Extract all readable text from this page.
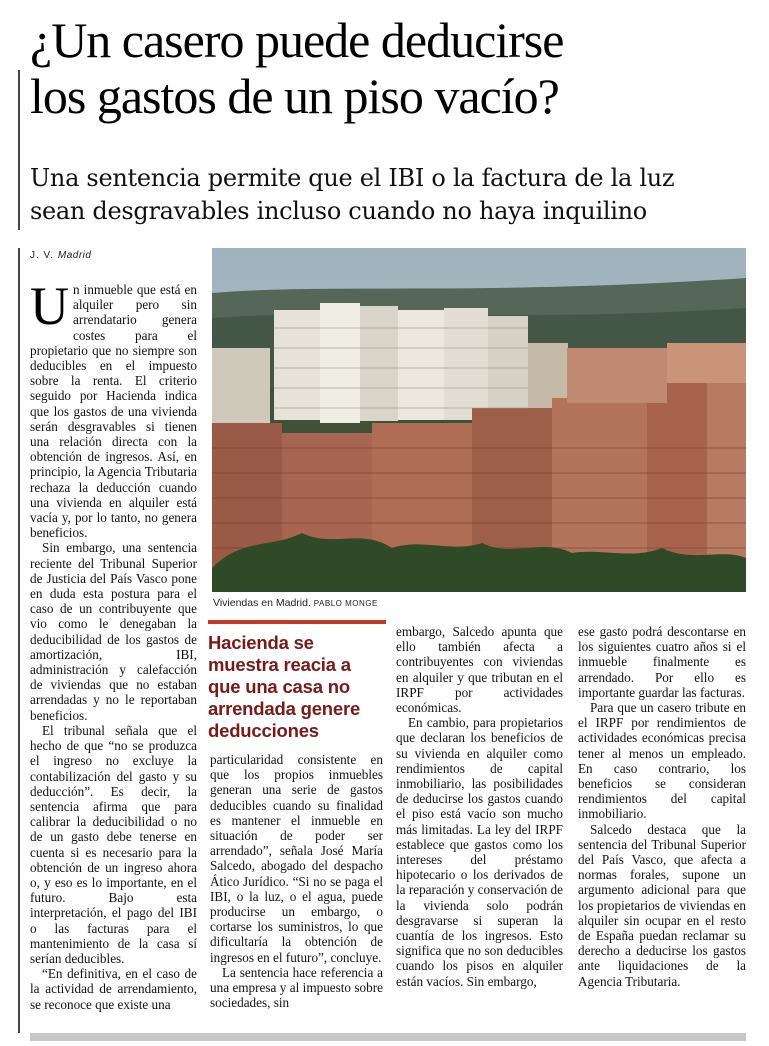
¿Un casero puede deducirse
los gastos de un piso vacío?
Una sentencia permite que el IBI o la factura de la luz
sean desgravables incluso cuando no haya inquilino
J. V. Madrid

Un inmueble que está en alquiler pero sin arrendatario genera costes para el propietario que no siempre son deducibles en el impuesto sobre la renta. El criterio seguido por Hacienda indica que los gastos de una vivienda serán desgravables si tienen una relación directa con la obtención de ingresos. Así, en principio, la Agencia Tributaria rechaza la deducción cuando una vivienda en alquiler está vacía y, por lo tanto, no genera beneficios.

Sin embargo, una sentencia reciente del Tribunal Superior de Justicia del País Vasco pone en duda esta postura para el caso de un contribuyente que vio como le denegaban la deducibilidad de los gastos de amortización, IBI, administración y calefacción de viviendas que no estaban arrendadas y no le reportaban beneficios.

El tribunal señala que el hecho de que “no se produzca el ingreso no excluye la contabilización del gasto y su deducción”. Es decir, la sentencia afirma que para calibrar la deducibilidad o no de un gasto debe tenerse en cuenta si es necesario para la obtención de un ingreso ahora o, y eso es lo importante, en el futuro. Bajo esta interpretación, el pago del IBI o las facturas para el mantenimiento de la casa sí serían deducibles.

“En definitiva, en el caso de la actividad de arrendamiento, se reconoce que existe una

Viviendas en Madrid. PABLO MONGE
Hacienda se muestra reacia a que una casa no arrendada genere deducciones

particularidad consistente en que los propios inmuebles generan una serie de gastos deducibles cuando su finalidad es mantener el inmueble en situación de poder ser arrendado”, señala José María Salcedo, abogado del despacho Ático Jurídico. “Si no se paga el IBI, o la luz, o el agua, puede producirse un embargo, o cortarse los suministros, lo que dificultaría la obtención de ingresos en el futuro”, concluye.

La sentencia hace referencia a una empresa y al impuesto sobre sociedades, sin

embargo, Salcedo apunta que ello también afecta a contribuyentes con viviendas en alquiler y que tributan en el IRPF por actividades económicas.

En cambio, para propietarios que declaran los beneficios de su vivienda en alquiler como rendimientos de capital inmobiliario, las posibilidades de deducirse los gastos cuando el piso está vacío son mucho más limitadas. La ley del IRPF establece que gastos como los intereses del préstamo hipotecario o los derivados de la reparación y conservación de la vivienda solo podrán desgravarse si superan la cuantía de los ingresos. Esto significa que no son deducibles cuando los pisos en alquiler están vacíos. Sin embargo,

ese gasto podrá descontarse en los siguientes cuatro años si el inmueble finalmente es arrendado. Por ello es importante guardar las facturas.

Para que un casero tribute en el IRPF por rendimientos de actividades económicas precisa tener al menos un empleado. En caso contrario, los beneficios se consideran rendimientos del capital inmobiliario.

Salcedo destaca que la sentencia del Tribunal Superior del País Vasco, que afecta a normas forales, supone un argumento adicional para que los propietarios de viviendas en alquiler sin ocupar en el resto de España puedan reclamar su derecho a deducirse los gastos ante liquidaciones de la Agencia Tributaria.
